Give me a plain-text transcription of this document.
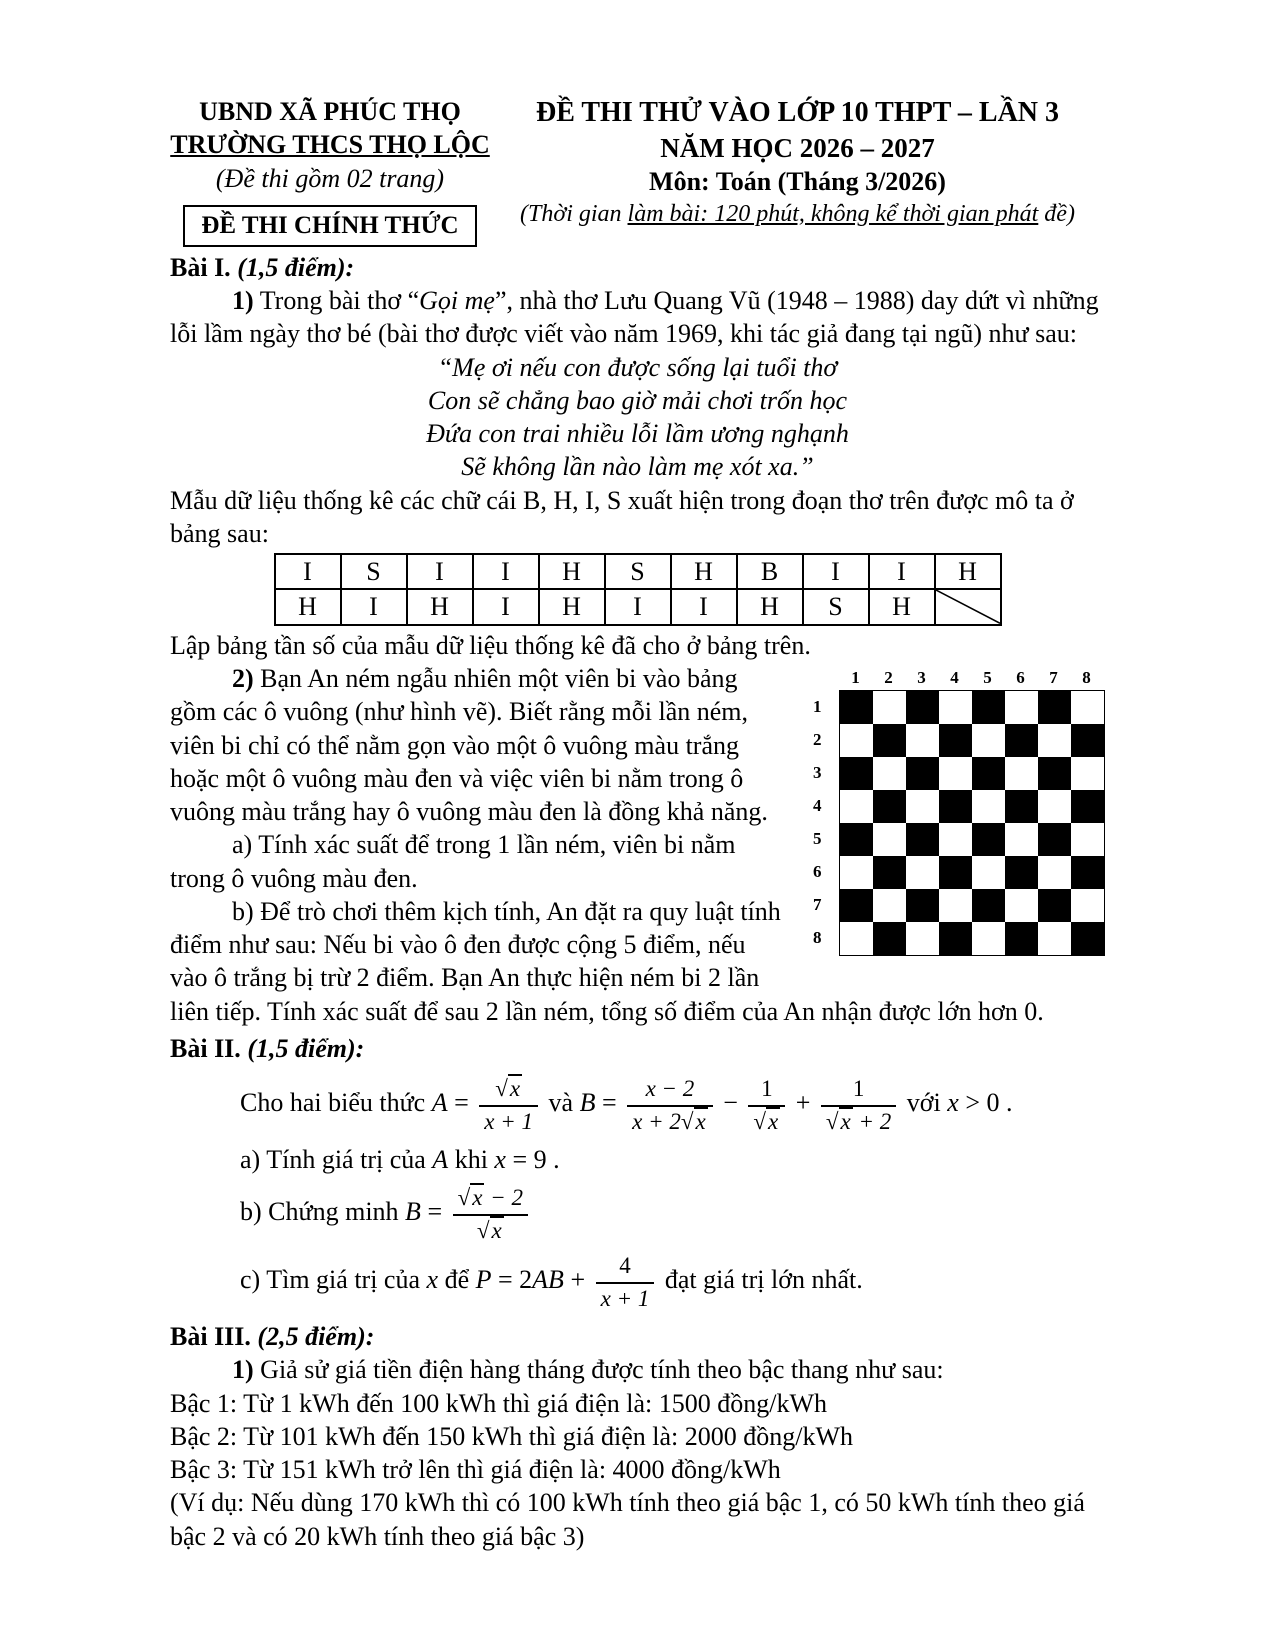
UBND XÃ PHÚC THỌ
TRƯỜNG THCS THỌ LỘC
(Đề thi gồm 02 trang)
ĐỀ THI CHÍNH THỨC
ĐỀ THI THỬ VÀO LỚP 10 THPT – LẦN 3
NĂM HỌC 2026 – 2027
Môn: Toán (Tháng 3/2026)
(Thời gian làm bài: 120 phút, không kể thời gian phát đề)

Bài I. (1,5 điểm):

1) Trong bài thơ “Gọi mẹ”, nhà thơ Lưu Quang Vũ (1948 – 1988) day dứt vì những lỗi lầm ngày thơ bé (bài thơ được viết vào năm 1969, khi tác giả đang tại ngũ) như sau:

“Mẹ ơi nếu con được sống lại tuổi thơ
Con sẽ chẳng bao giờ mải chơi trốn học
Đứa con trai nhiều lỗi lầm ương nghạnh
Sẽ không lần nào làm mẹ xót xa.”

Mẫu dữ liệu thống kê các chữ cái B, H, I, S xuất hiện trong đoạn thơ trên được mô ta ở bảng sau:

I	S	I	I	H	S	H	B	I	I	H
H	I	H	I	H	I	I	H	S	H	

Lập bảng tần số của mẫu dữ liệu thống kê đã cho ở bảng trên.

1	2	3	4	5	6	7	8
1
2
3
4
5
6
7
8

2) Bạn An ném ngẫu nhiên một viên bi vào bảng gồm các ô vuông (như hình vẽ). Biết rằng mỗi lần ném, viên bi chỉ có thể nằm gọn vào một ô vuông màu trắng hoặc một ô vuông màu đen và việc viên bi nằm trong ô vuông màu trắng hay ô vuông màu đen là đồng khả năng.

a) Tính xác suất để trong 1 lần ném, viên bi nằm trong ô vuông màu đen.

b) Để trò chơi thêm kịch tính, An đặt ra quy luật tính điểm như sau: Nếu bi vào ô đen được cộng 5 điểm, nếu vào ô trắng bị trừ 2 điểm. Bạn An thực hiện ném bi 2 lần liên tiếp. Tính xác suất để sau 2 lần ném, tổng số điểm của An nhận được lớn hơn 0.

Bài II. (1,5 điểm):

Cho hai biểu thức A = √ $\frac{x}{x + 1}$ và $B = \frac{x - 2}{x + 2 √ x} - 1$
√ x + 1
√ x + 2 với x > 0 .

a) Tính giá trị của A khi x = 9 .

b) Chứng minh B = √ x − 2
√ x
c) Tìm giá trị của x để $P = 2AB + \frac{4}{x + 1}$ đạt giá trị lớn nhất.

Bài III. (2,5 điểm):

1) Giả sử giá tiền điện hàng tháng được tính theo bậc thang như sau:

Bậc 1: Từ 1 kWh đến 100 kWh thì giá điện là: 1500 đồng/kWh

Bậc 2: Từ 101 kWh đến 150 kWh thì giá điện là: 2000 đồng/kWh

Bậc 3: Từ 151 kWh trở lên thì giá điện là: 4000 đồng/kWh

(Ví dụ: Nếu dùng 170 kWh thì có 100 kWh tính theo giá bậc 1, có 50 kWh tính theo giá bậc 2 và có 20 kWh tính theo giá bậc 3)
